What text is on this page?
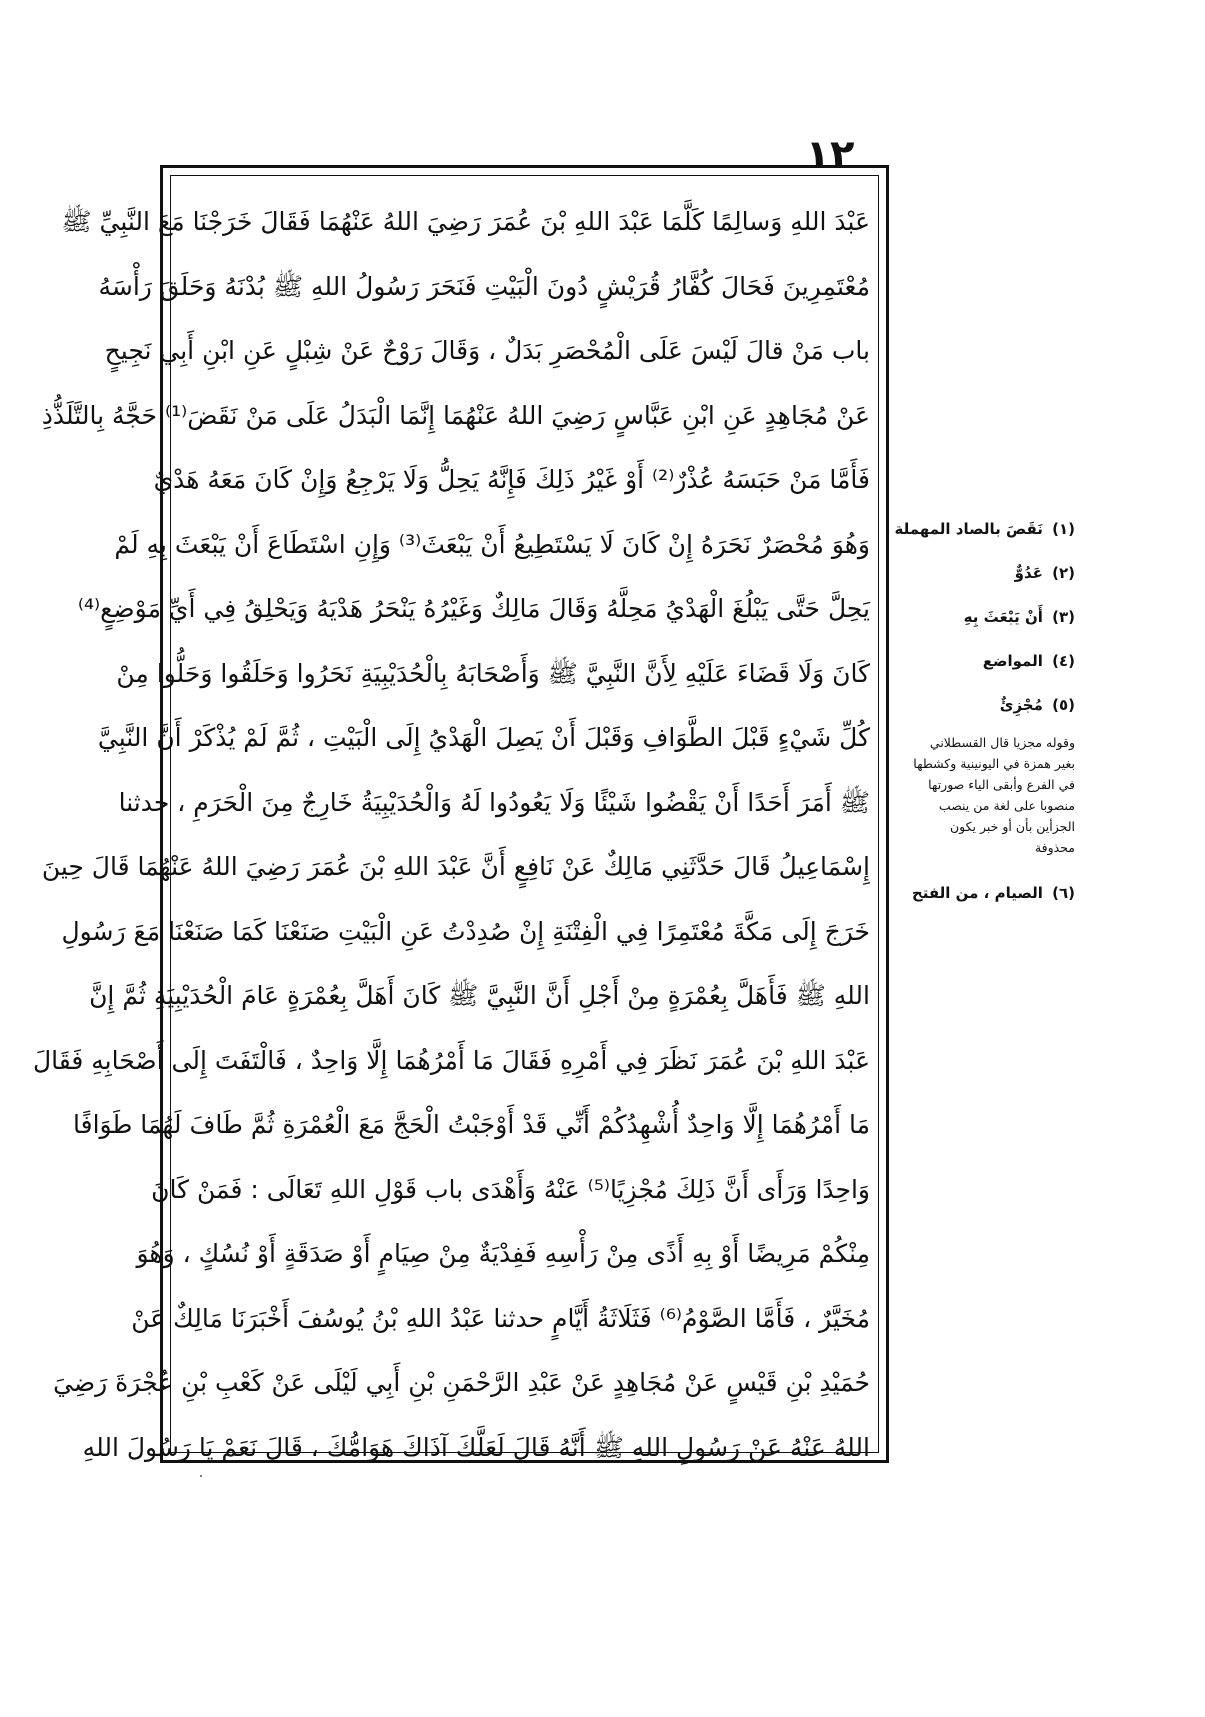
١٢
عَبْدَ اللهِ وَسالِمًا كَلَّمَا عَبْدَ اللهِ بْنَ عُمَرَ رَضِيَ اللهُ عَنْهُمَا فَقَالَ خَرَجْنَا مَعَ النَّبِيِّ ﷺ
مُعْتَمِرِينَ فَحَالَ كُفَّارُ قُرَيْشٍ دُونَ الْبَيْتِ فَنَحَرَ رَسُولُ اللهِ ﷺ بُدْنَهُ وَحَلَقَ رَأْسَهُ
باب مَنْ قالَ لَيْسَ عَلَى الْمُحْصَرِ بَدَلٌ ، وَقَالَ رَوْحٌ عَنْ شِبْلٍ عَنِ ابْنِ أَبِي نَجِيحٍ
عَنْ مُجَاهِدٍ عَنِ ابْنِ عَبَّاسٍ رَضِيَ اللهُ عَنْهُمَا إِنَّمَا الْبَدَلُ عَلَى مَنْ نَقَضَ⁽¹⁾ حَجَّهُ بِالتَّلَذُّذِ
فَأَمَّا مَنْ حَبَسَهُ عُذْرٌ⁽²⁾ أَوْ غَيْرُ ذَلِكَ فَإِنَّهُ يَحِلُّ وَلَا يَرْجِعُ وَإِنْ كَانَ مَعَهُ هَدْيٌ
وَهُوَ مُحْصَرٌ نَحَرَهُ إِنْ كَانَ لَا يَسْتَطِيعُ أَنْ يَبْعَثَ⁽³⁾ وَإِنِ اسْتَطَاعَ أَنْ يَبْعَثَ بِهِ لَمْ
يَحِلَّ حَتَّى يَبْلُغَ الْهَدْيُ مَحِلَّهُ وَقَالَ مَالِكٌ وَغَيْرُهُ يَنْحَرُ هَدْيَهُ وَيَحْلِقُ فِي أَيِّ مَوْضِعٍ⁽⁴⁾
كَانَ وَلَا قَضَاءَ عَلَيْهِ لِأَنَّ النَّبِيَّ ﷺ وَأَصْحَابَهُ بِالْحُدَيْبِيَةِ نَحَرُوا وَحَلَقُوا وَحَلُّوا مِنْ
كُلِّ شَيْءٍ قَبْلَ الطَّوَافِ وَقَبْلَ أَنْ يَصِلَ الْهَدْيُ إِلَى الْبَيْتِ ، ثُمَّ لَمْ يُذْكَرْ أَنَّ النَّبِيَّ
ﷺ أَمَرَ أَحَدًا أَنْ يَقْضُوا شَيْئًا وَلَا يَعُودُوا لَهُ وَالْحُدَيْبِيَةُ خَارِجٌ مِنَ الْحَرَمِ ، حدثنا
إِسْمَاعِيلُ قَالَ حَدَّثَنِي مَالِكٌ عَنْ نَافِعٍ أَنَّ عَبْدَ اللهِ بْنَ عُمَرَ رَضِيَ اللهُ عَنْهُمَا قَالَ حِينَ
خَرَجَ إِلَى مَكَّةَ مُعْتَمِرًا فِي الْفِتْنَةِ إِنْ صُدِدْتُ عَنِ الْبَيْتِ صَنَعْنَا كَمَا صَنَعْنَا مَعَ رَسُولِ
اللهِ ﷺ فَأَهَلَّ بِعُمْرَةٍ مِنْ أَجْلِ أَنَّ النَّبِيَّ ﷺ كَانَ أَهَلَّ بِعُمْرَةٍ عَامَ الْحُدَيْبِيَةِ ثُمَّ إِنَّ
عَبْدَ اللهِ بْنَ عُمَرَ نَظَرَ فِي أَمْرِهِ فَقَالَ مَا أَمْرُهُمَا إِلَّا وَاحِدٌ ، فَالْتَفَتَ إِلَى أَصْحَابِهِ فَقَالَ
مَا أَمْرُهُمَا إِلَّا وَاحِدٌ أُشْهِدُكُمْ أَنِّي قَدْ أَوْجَبْتُ الْحَجَّ مَعَ الْعُمْرَةِ ثُمَّ طَافَ لَهُمَا طَوَافًا
وَاحِدًا وَرَأَى أَنَّ ذَلِكَ مُجْزِيًا⁽⁵⁾ عَنْهُ وَأَهْدَى باب قَوْلِ اللهِ تَعَالَى : فَمَنْ كَانَ
مِنْكُمْ مَرِيضًا أَوْ بِهِ أَذًى مِنْ رَأْسِهِ فَفِدْيَةٌ مِنْ صِيَامٍ أَوْ صَدَقَةٍ أَوْ نُسُكٍ ، وَهُوَ
مُخَيَّرٌ ، فَأَمَّا الصَّوْمُ⁽⁶⁾ فَثَلَاثَةُ أَيَّامٍ حدثنا عَبْدُ اللهِ بْنُ يُوسُفَ أَخْبَرَنَا مَالِكٌ عَنْ
حُمَيْدِ بْنِ قَيْسٍ عَنْ مُجَاهِدٍ عَنْ عَبْدِ الرَّحْمَنِ بْنِ أَبِي لَيْلَى عَنْ كَعْبِ بْنِ عُجْرَةَ رَضِيَ
اللهُ عَنْهُ عَنْ رَسُولِ اللهِ ﷺ أَنَّهُ قَالَ لَعَلَّكَ آذَاكَ هَوَامُّكَ ، قَالَ نَعَمْ يَا رَسُولَ اللهِ
(١) نَقَصَ بالصاد المهملة
(٢) عَدُوٌّ
(٣) أَنْ يَبْعَثَ بِهِ
(٤) المواضع
(٥) مُجْزِئٌ
وقوله مجزيا قال القسطلاني
بغير همزة في اليونينية وكشطها
في الفرع وأبقى الياء صورتها
منصوبا على لغة من ينصب
الجزأين بأن أو خبر يكون
محذوفة
(٦) الصيام ، من الفتح
